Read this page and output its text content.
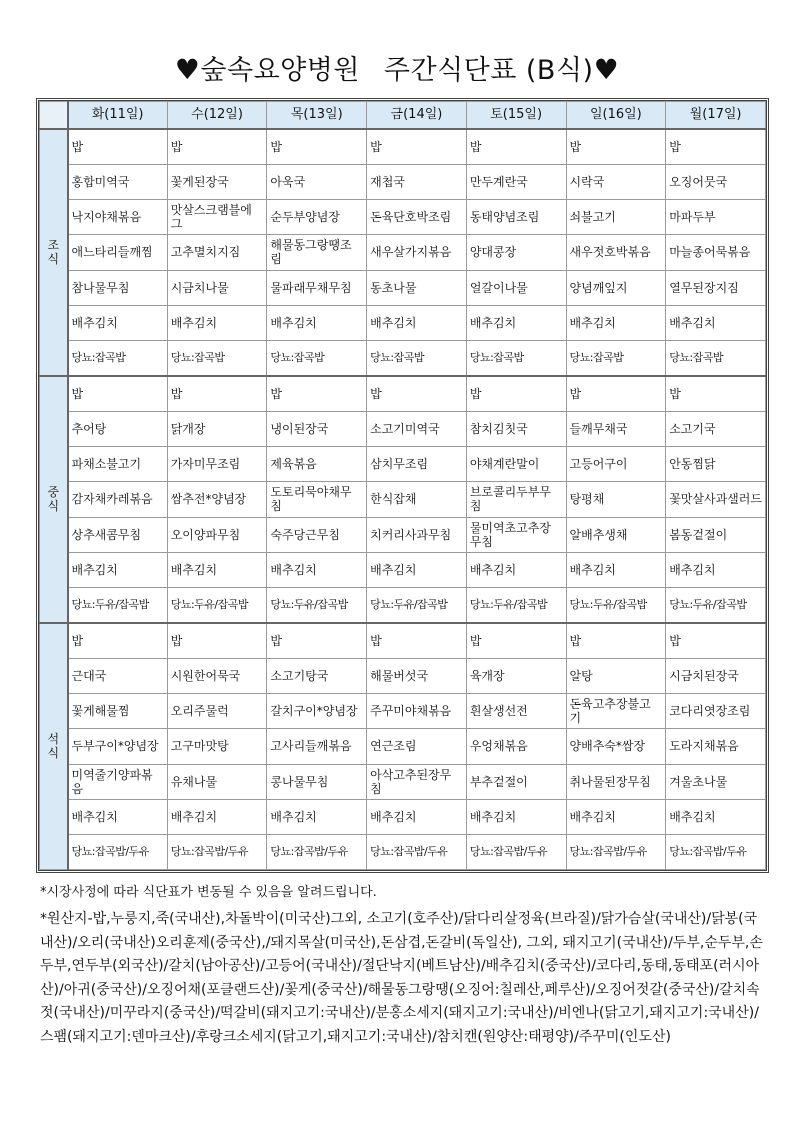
♥숲속요양병원 주간식단표 (B식)♥
	화(11일)	수(12일)	목(13일)	금(14일)	토(15일)	일(16일)	월(17일)

조
식	밥	밥	밥	밥	밥	밥	밥
	홍합미역국	꽃게된장국	아욱국	재첩국	만두계란국	시락국	오징어뭇국
	낙지야채볶음	맛살스크램블에그	순두부양념장	돈육단호박조림	동태양념조림	쇠불고기	마파두부
	애느타리들깨찜	고추멸치지짐	해물동그랑땡조림	새우살가지볶음	양대콩장	새우젓호박볶음	마늘종어묵볶음
	참나물무침	시금치나물	물파래무채무침	동초나물	얼갈이나물	양념깨잎지	열무된장지짐
	배추김치	배추김치	배추김치	배추김치	배추김치	배추김치	배추김치
	당뇨:잡곡밥	당뇨:잡곡밥	당뇨:잡곡밥	당뇨:잡곡밥	당뇨:잡곡밥	당뇨:잡곡밥	당뇨:잡곡밥

중
식	밥	밥	밥	밥	밥	밥	밥
	추어탕	닭개장	냉이된장국	소고기미역국	참치김칫국	들깨무채국	소고기국
	파채소불고기	가자미무조림	제육볶음	삼치무조림	야채계란말이	고등어구이	안동찜닭
	감자채카레볶음	쌈추전*양념장	도토리묵야채무침	한식잡채	브로콜리두부무침	탕평채	꽃맛살사과샐러드
	상추새콤무침	오이양파무침	숙주당근무침	치커리사과무침	물미역초고추장무침	알배추생채	봄동겉절이
	배추김치	배추김치	배추김치	배추김치	배추김치	배추김치	배추김치
	당뇨:두유/잡곡밥	당뇨:두유/잡곡밥	당뇨:두유/잡곡밥	당뇨:두유/잡곡밥	당뇨:두유/잡곡밥	당뇨:두유/잡곡밥	당뇨:두유/잡곡밥

석
식	밥	밥	밥	밥	밥	밥	밥
	근대국	시원한어묵국	소고기탕국	해물버섯국	육개장	알탕	시금치된장국
	꽃게해물찜	오리주물럭	갈치구이*양념장	주꾸미야채볶음	흰살생선전	돈육고추장불고기	코다리엿장조림
	두부구이*양념장	고구마맛탕	고사리들깨볶음	연근조림	우엉채볶음	양배추숙*쌈장	도라지채볶음
	미역줄기양파볶음	유채나물	콩나물무침	아삭고추된장무침	부추겉절이	취나물된장무침	겨울초나물
	배추김치	배추김치	배추김치	배추김치	배추김치	배추김치	배추김치
	당뇨:잡곡밥/두유	당뇨:잡곡밥/두유	당뇨:잡곡밥/두유	당뇨:잡곡밥/두유	당뇨:잡곡밥/두유	당뇨:잡곡밥/두유	당뇨:잡곡밥/두유
*시장사정에 따라 식단표가 변동될 수 있음을 알려드립니다.
*원산지-밥,누룽지,죽(국내산),차돌박이(미국산)그외, 소고기(호주산)/닭다리살정육(브라질)/닭가슴살(국내산)/닭봉(국내산)/오리(국내산)오리훈제(중국산),/돼지목살(미국산),돈삼겹,돈갈비(독일산), 그외, 돼지고기(국내산)/두부,순두부,손두부,연두부(외국산)/갈치(남아공산)/고등어(국내산)/절단낙지(베트남산)/배추김치(중국산)/코다리,동태,동태포(러시아산)/아귀(중국산)/오징어채(포클랜드산)/꽃게(중국산)/해물동그랑땡(오징어:칠레산,페루산)/오징어젓갈(중국산)/갈치속젓(국내산)/미꾸라지(중국산)/떡갈비(돼지고기:국내산)/분홍소세지(돼지고기:국내산)/비엔나(닭고기,돼지고기:국내산)/스팸(돼지고기:덴마크산)/후랑크소세지(닭고기,돼지고기:국내산)/참치캔(원양산:태평양)/주꾸미(인도산)
